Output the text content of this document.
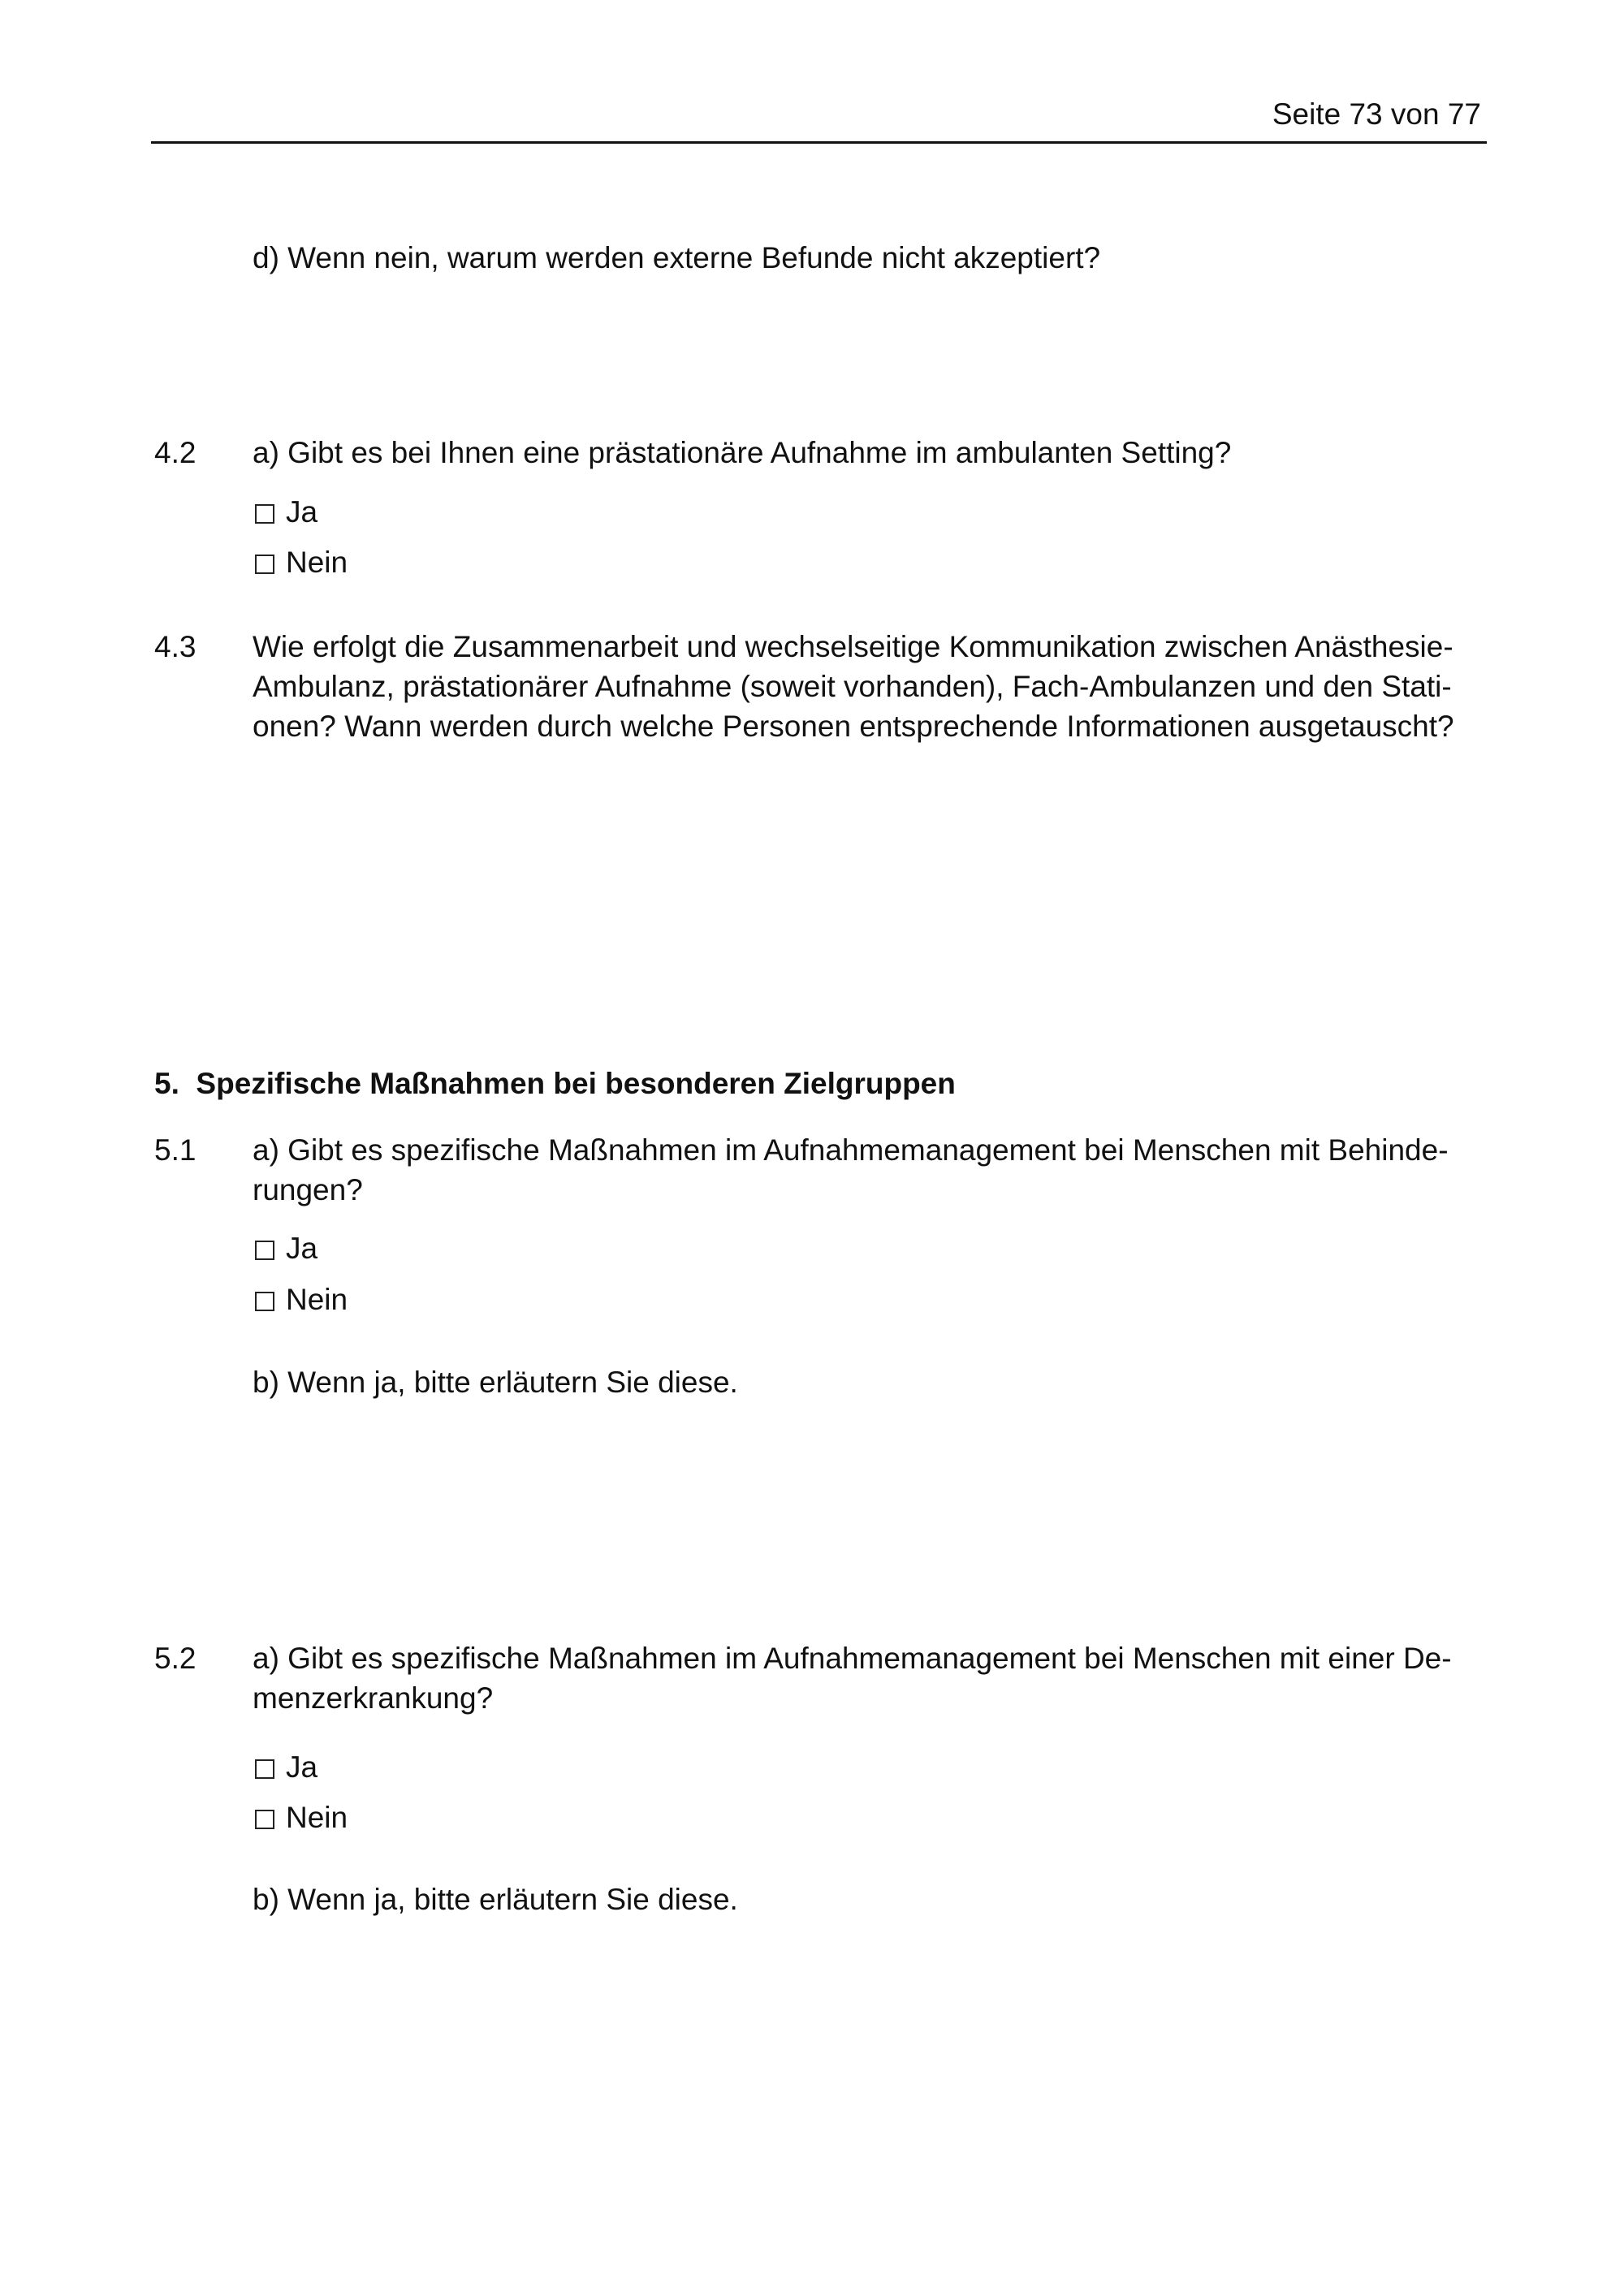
Seite 73 von 77
d) Wenn nein, warum werden externe Befunde nicht akzeptiert?
4.2 a) Gibt es bei Ihnen eine prästationäre Aufnahme im ambulanten Setting?
Ja
Nein
4.3 Wie erfolgt die Zusammenarbeit und wechselseitige Kommunikation zwischen Anästhesie-
Ambulanz, prästationärer Aufnahme (soweit vorhanden), Fach-Ambulanzen und den Stati-
onen? Wann werden durch welche Personen entsprechende Informationen ausgetauscht?
5. Spezifische Maßnahmen bei besonderen Zielgruppen
5.1 a) Gibt es spezifische Maßnahmen im Aufnahmemanagement bei Menschen mit Behinde-
rungen?
Ja
Nein
b) Wenn ja, bitte erläutern Sie diese.
5.2 a) Gibt es spezifische Maßnahmen im Aufnahmemanagement bei Menschen mit einer De-
menzerkrankung?
Ja
Nein
b) Wenn ja, bitte erläutern Sie diese.
